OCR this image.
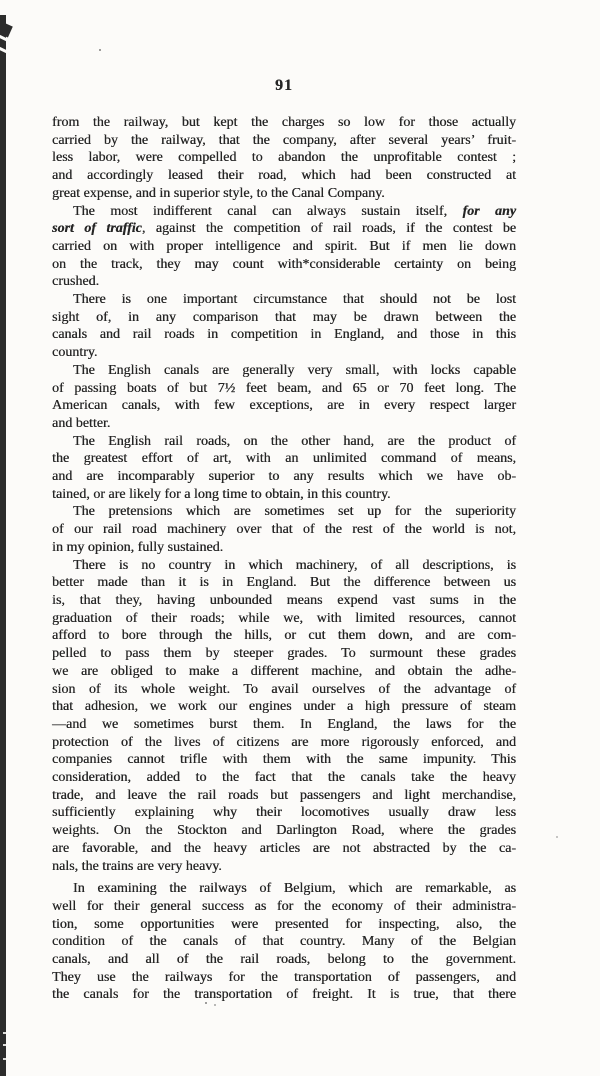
91

from the railway, but kept the charges so low for those actually
carried by the railway, that the company, after several years’ fruit-
less labor, were compelled to abandon the unprofitable contest ;
and accordingly leased their road, which had been constructed at
great expense, and in superior style, to the Canal Company.

The most indifferent canal can always sustain itself, for any
sort of traffic, against the competition of rail roads, if the contest be
carried on with proper intelligence and spirit. But if men lie down
on the track, they may count with*considerable certainty on being
crushed.

There is one important circumstance that should not be lost
sight of, in any comparison that may be drawn between the
canals and rail roads in competition in England, and those in this
country.

The English canals are generally very small, with locks capable
of passing boats of but 7½ feet beam, and 65 or 70 feet long. The
American canals, with few exceptions, are in every respect larger
and better.

The English rail roads, on the other hand, are the product of
the greatest effort of art, with an unlimited command of means,
and are incomparably superior to any results which we have ob-
tained, or are likely for a long time to obtain, in this country.

The pretensions which are sometimes set up for the superiority
of our rail road machinery over that of the rest of the world is not,
in my opinion, fully sustained.

There is no country in which machinery, of all descriptions, is
better made than it is in England. But the difference between us
is, that they, having unbounded means expend vast sums in the
graduation of their roads; while we, with limited resources, cannot
afford to bore through the hills, or cut them down, and are com-
pelled to pass them by steeper grades. To surmount these grades
we are obliged to make a different machine, and obtain the adhe-
sion of its whole weight. To avail ourselves of the advantage of
that adhesion, we work our engines under a high pressure of steam
—and we sometimes burst them. In England, the laws for the
protection of the lives of citizens are more rigorously enforced, and
companies cannot trifle with them with the same impunity. This
consideration, added to the fact that the canals take the heavy
trade, and leave the rail roads but passengers and light merchandise,
sufficiently explaining why their locomotives usually draw less
weights. On the Stockton and Darlington Road, where the grades
are favorable, and the heavy articles are not abstracted by the ca-
nals, the trains are very heavy.

In examining the railways of Belgium, which are remarkable, as
well for their general success as for the economy of their administra-
tion, some opportunities were presented for inspecting, also, the
condition of the canals of that country. Many of the Belgian
canals, and all of the rail roads, belong to the government.
They use the railways for the transportation of passengers, and
the canals for the transportation of freight. It is true, that there
